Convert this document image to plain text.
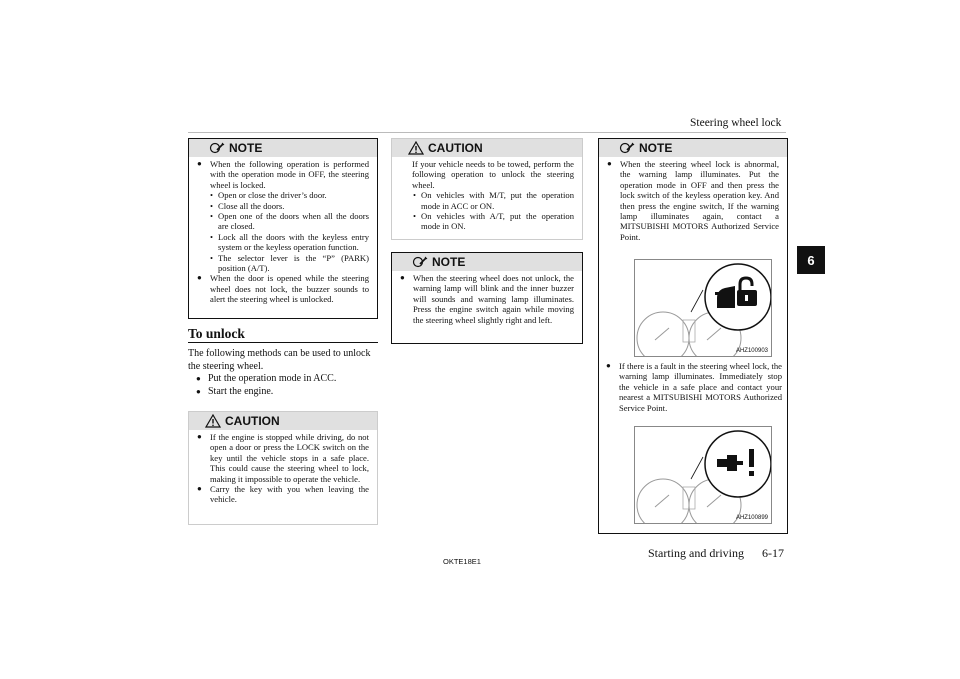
Steering wheel lock
6
NOTE

● When the following operation is performed with the operation mode in OFF, the steering wheel is locked.

• Open or close the driver’s door.

• Close all the doors.

• Open one of the doors when all the doors are closed.

• Lock all the doors with the keyless entry system or the keyless operation function.

• The selector lever is the “P” (PARK) position (A/T).

● When the door is opened while the steering wheel does not lock, the buzzer sounds to alert the steering wheel is unlocked.

To unlock

The following methods can be used to unlock the steering wheel.

● Put the operation mode in ACC.

● Start the engine.

CAUTION

● If the engine is stopped while driving, do not open a door or press the LOCK switch on the key until the vehicle stops in a safe place. This could cause the steering wheel to lock, making it impossible to operate the vehicle.

● Carry the key with you when leaving the vehicle.

CAUTION

If your vehicle needs to be towed, perform the following operation to unlock the steering wheel.

• On vehicles with M/T, put the operation mode in ACC or ON.

• On vehicles with A/T, put the operation mode in ON.

NOTE

● When the steering wheel does not unlock, the warning lamp will blink and the inner buzzer will sounds and warning lamp illuminates. Press the engine switch again while moving the steering wheel slightly right and left.

NOTE

● When the steering wheel lock is abnormal, the warning lamp illuminates. Put the operation mode in OFF and then press the lock switch of the keyless operation key. And then press the engine switch, If the warning lamp illuminates again, contact a MITSUBISHI MOTORS Authorized Service Point.

AHZ100903

● If there is a fault in the steering wheel lock, the warning lamp illuminates. Immediately stop the vehicle in a safe place and contact your nearest a MITSUBISHI MOTORS Authorized Service Point.

AHZ100899
OKTE18E1
Starting and driving 6-17
